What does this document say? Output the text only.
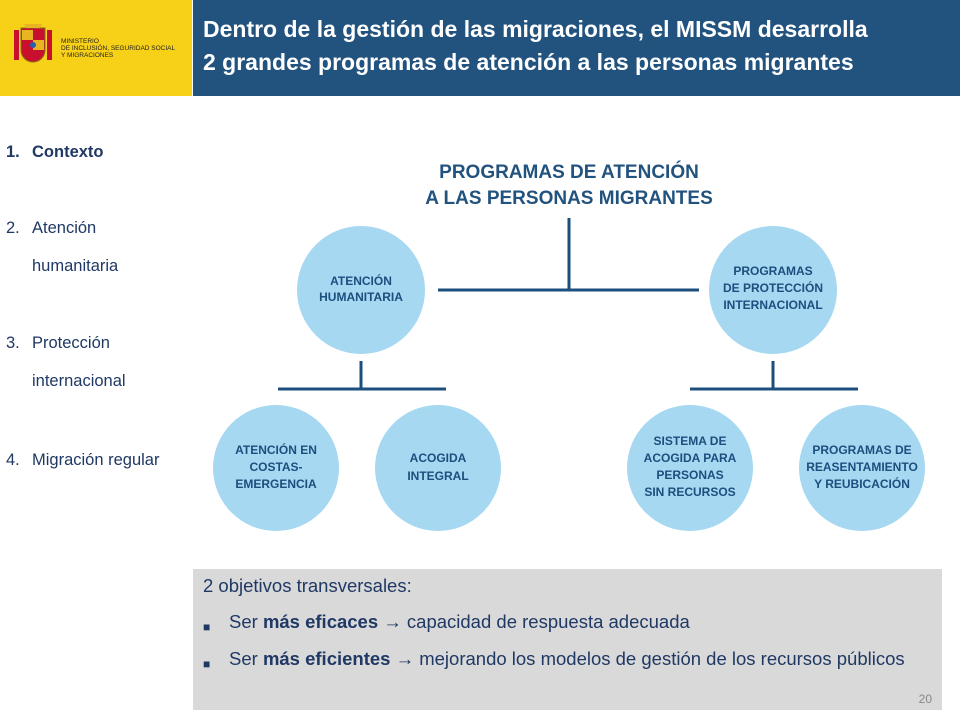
MINISTERIO
DE INCLUSIÓN, SEGURIDAD SOCIAL
Y MIGRACIONES
Dentro de la gestión de las migraciones, el MISSM desarrolla
2 grandes programas de atención a las personas migrantes
1. Contexto
2. Atención
humanitaria
3. Protección
internacional
4. Migración regular
PROGRAMAS DE ATENCIÓN
A LAS PERSONAS MIGRANTES
ATENCIÓN
HUMANITARIA
PROGRAMAS
DE PROTECCIÓN
INTERNACIONAL
ATENCIÓN EN
COSTAS-
EMERGENCIA
ACOGIDA
INTEGRAL
SISTEMA DE
ACOGIDA PARA
PERSONAS
SIN RECURSOS
PROGRAMAS DE
REASENTAMIENTO
Y REUBICACIÓN
2 objetivos transversales:
■ Ser más eficaces → capacidad de respuesta adecuada
■ Ser más eficientes → mejorando los modelos de gestión de los recursos públicos
20
